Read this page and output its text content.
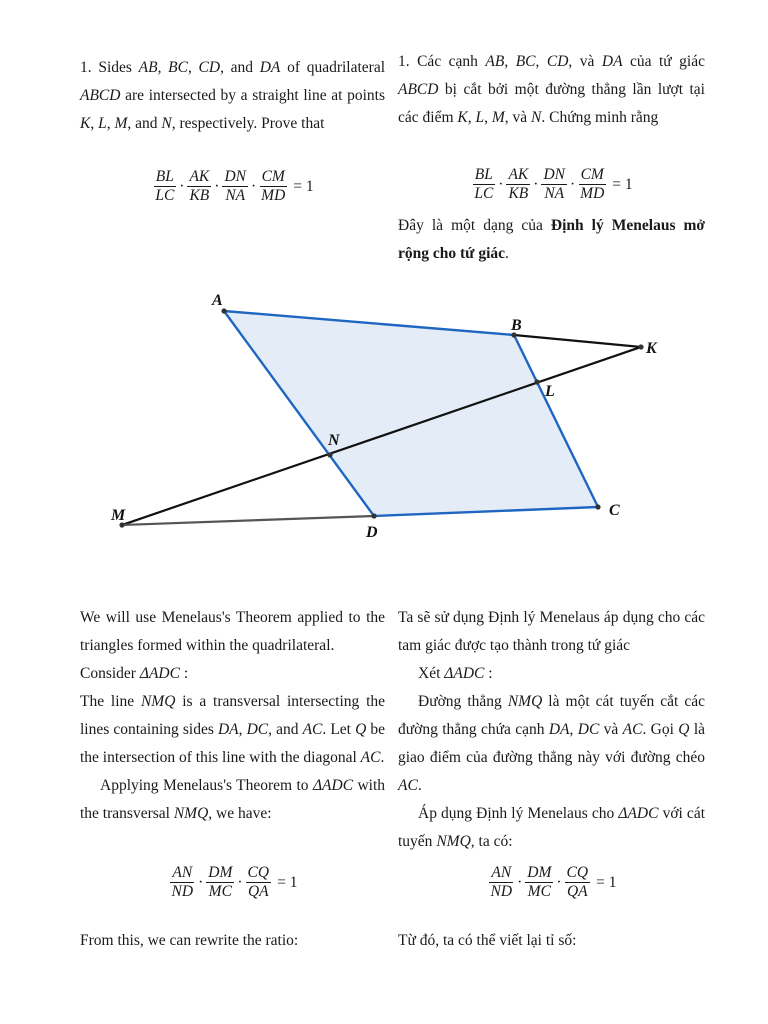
1. Sides AB, BC, CD, and DA of quadrilateral ABCD are intersected by a straight line at points K, L, M, and N, respectively. Prove that
$\frac{BL}{LC} \cdot \frac{AK}{KB} \cdot \frac{DN}{NA} \cdot \frac{CM}{MD} = 1$
1. Các cạnh AB, BC, CD, và DA của tứ giác ABCD bị cắt bởi một đường thẳng lần lượt tại các điểm K, L, M, và N. Chứng minh rằng
$\frac{BL}{LC} \cdot \frac{AK}{KB} \cdot \frac{DN}{NA} \cdot \frac{CM}{MD} = 1$
Đây là một dạng của Định lý Menelaus mở rộng cho tứ giác.
A
B
K
L
N
M	C
D
We will use Menelaus's Theorem applied to the triangles formed within the quadrilateral.
Consider ΔADC :
The line NMQ is a transversal intersecting the lines containing sides DA, DC, and AC. Let Q be the intersection of this line with the diagonal AC.
Applying Menelaus's Theorem to ΔADC with the transversal NMQ, we have:
$\frac{AN}{ND} \cdot \frac{DM}{MC} \cdot \frac{CQ}{QA} = 1$
From this, we can rewrite the ratio:
Ta sẽ sử dụng Định lý Menelaus áp dụng cho các tam giác được tạo thành trong tứ giác
Xét ΔADC :
Đường thẳng NMQ là một cát tuyến cắt các đường thẳng chứa cạnh DA, DC và AC. Gọi Q là giao điểm của đường thẳng này với đường chéo AC.
Áp dụng Định lý Menelaus cho ΔADC với cát tuyến NMQ, ta có:
$\frac{AN}{ND} \cdot \frac{DM}{MC} \cdot \frac{CQ}{QA} = 1$
Từ đó, ta có thể viết lại tỉ số:
